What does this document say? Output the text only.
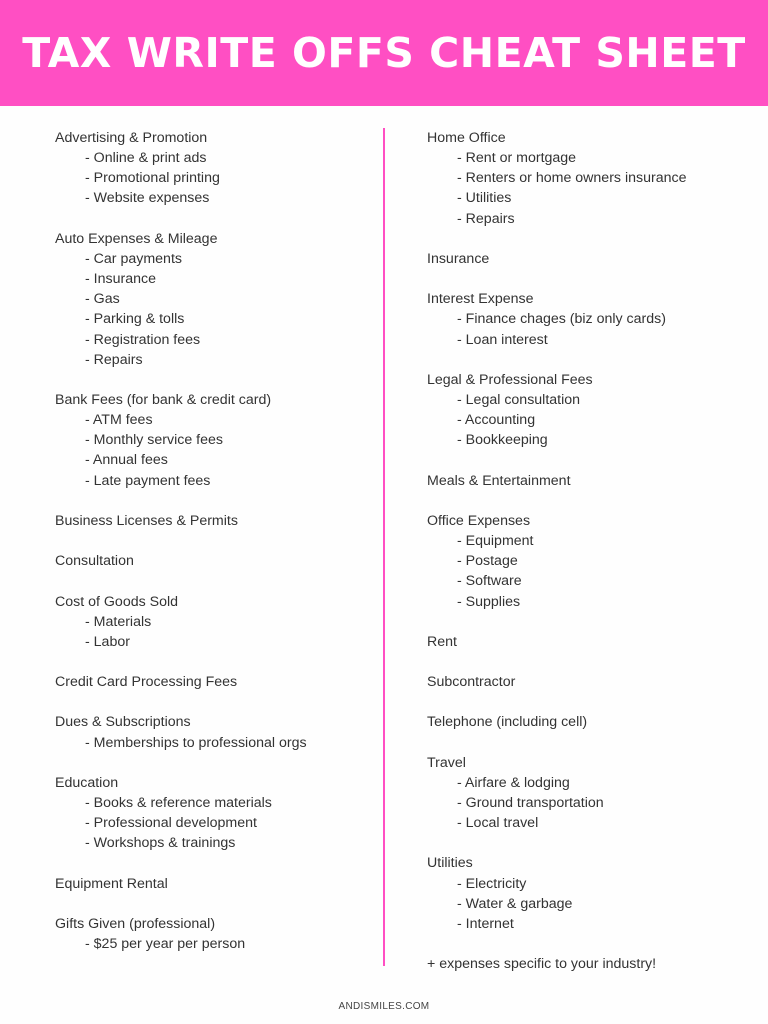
TAX WRITE OFFS CHEAT SHEET
Advertising & Promotion
- Online & print ads
- Promotional printing
- Website expenses
Auto Expenses & Mileage
- Car payments
- Insurance
- Gas
- Parking & tolls
- Registration fees
- Repairs
Bank Fees (for bank & credit card)
- ATM fees
- Monthly service fees
- Annual fees
- Late payment fees
Business Licenses & Permits
Consultation
Cost of Goods Sold
- Materials
- Labor
Credit Card Processing Fees
Dues & Subscriptions
- Memberships to professional orgs
Education
- Books & reference materials
- Professional development
- Workshops & trainings
Equipment Rental
Gifts Given (professional)
- $25 per year per person
Home Office
- Rent or mortgage
- Renters or home owners insurance
- Utilities
- Repairs
Insurance
Interest Expense
- Finance chages (biz only cards)
- Loan interest
Legal & Professional Fees
- Legal consultation
- Accounting
- Bookkeeping
Meals & Entertainment
Office Expenses
- Equipment
- Postage
- Software
- Supplies
Rent
Subcontractor
Telephone (including cell)
Travel
- Airfare & lodging
- Ground transportation
- Local travel
Utilities
- Electricity
- Water & garbage
- Internet
+ expenses specific to your industry!
ANDISMILES.COM
